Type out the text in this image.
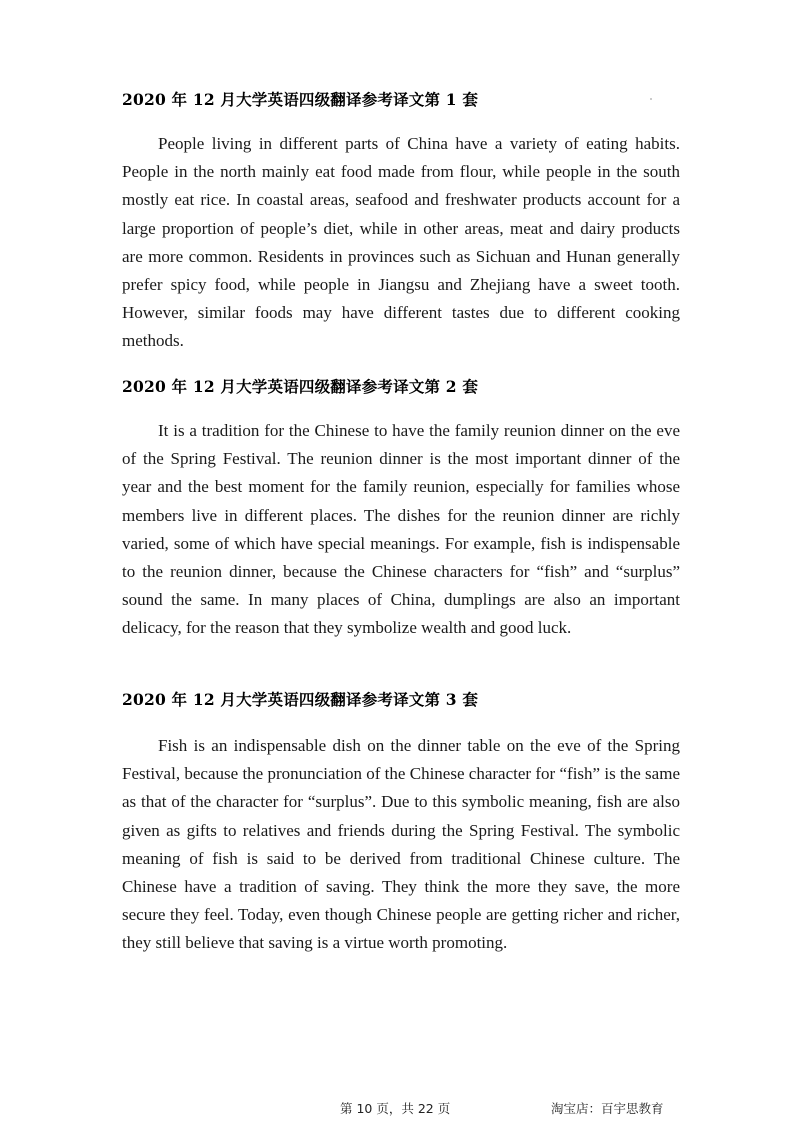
2020 年 12 月大学英语四级翻译参考译文第 1 套

People living in different parts of China have a variety of eating habits. People in the north mainly eat food made from flour, while people in the south mostly eat rice. In coastal areas, seafood and freshwater products account for a large proportion of people’s diet, while in other areas, meat and dairy products are more common. Residents in provinces such as Sichuan and Hunan generally prefer spicy food, while people in Jiangsu and Zhejiang have a sweet tooth. However, similar foods may have different tastes due to different cooking methods.

2020 年 12 月大学英语四级翻译参考译文第 2 套

It is a tradition for the Chinese to have the family reunion dinner on the eve of the Spring Festival. The reunion dinner is the most important dinner of the year and the best moment for the family reunion, especially for families whose members live in different places. The dishes for the reunion dinner are richly varied, some of which have special meanings. For example, fish is indispensable to the reunion dinner, because the Chinese characters for “fish” and “surplus” sound the same. In many places of China, dumplings are also an important delicacy, for the reason that they symbolize wealth and good luck.

2020 年 12 月大学英语四级翻译参考译文第 3 套

Fish is an indispensable dish on the dinner table on the eve of the Spring Festival, because the pronunciation of the Chinese character for “fish” is the same as that of the character for “surplus”. Due to this symbolic meaning, fish are also given as gifts to relatives and friends during the Spring Festival. The symbolic meaning of fish is said to be derived from traditional Chinese culture. The Chinese have a tradition of saving. They think the more they save, the more secure they feel. Today, even though Chinese people are getting richer and richer, they still believe that saving is a virtue worth promoting.

第 10 页，共 22 页	淘宝店：百宇思教育
